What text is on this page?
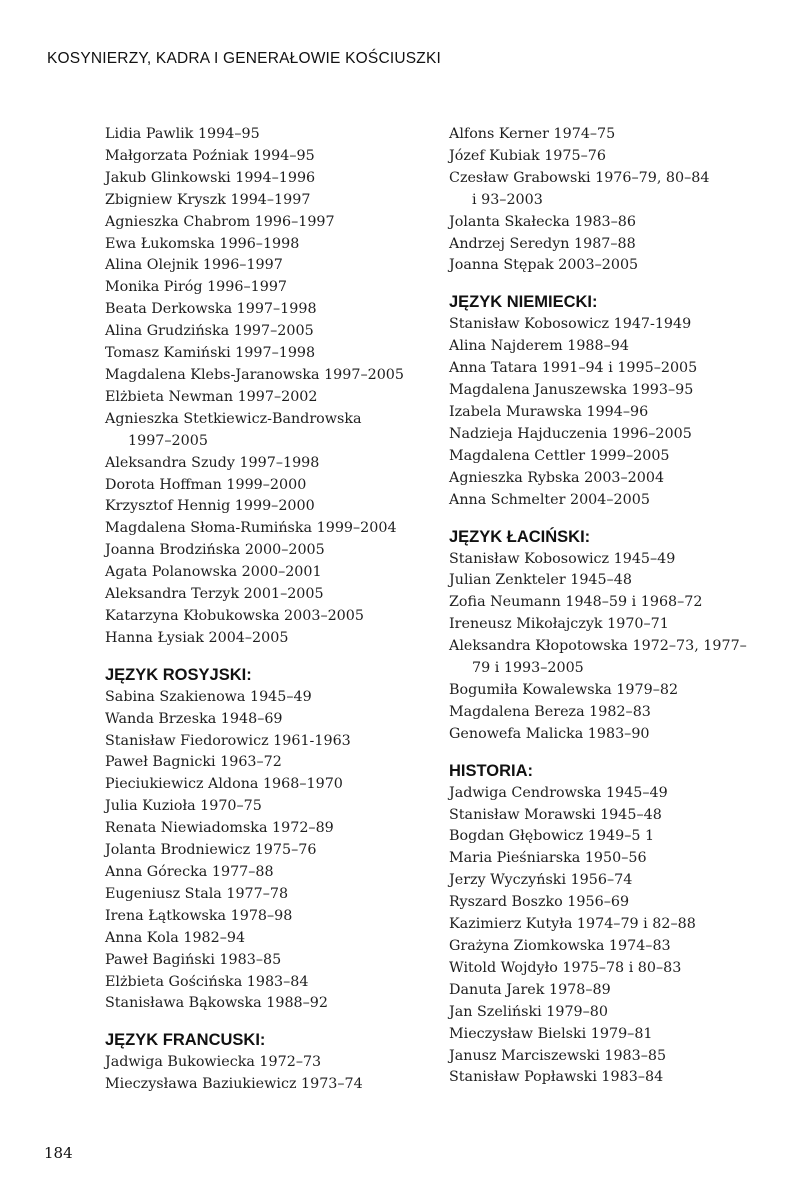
KOSYNIERZY, KADRA I GENERAŁOWIE KOŚCIUSZKI
Lidia Pawlik 1994–95
Małgorzata Poźniak 1994–95
Jakub Glinkowski 1994–1996
Zbigniew Kryszk 1994–1997
Agnieszka Chabrom 1996–1997
Ewa Łukomska 1996–1998
Alina Olejnik 1996–1997
Monika Piróg 1996–1997
Beata Derkowska 1997–1998
Alina Grudzińska 1997–2005
Tomasz Kamiński 1997–1998
Magdalena Klebs-Jaranowska 1997–2005
Elżbieta Newman 1997–2002
Agnieszka Stetkiewicz-Bandrowska
1997–2005
Aleksandra Szudy 1997–1998
Dorota Hoffman 1999–2000
Krzysztof Hennig 1999–2000
Magdalena Słoma-Rumińska 1999–2004
Joanna Brodzińska 2000–2005
Agata Polanowska 2000–2001
Aleksandra Terzyk 2001–2005
Katarzyna Kłobukowska 2003–2005
Hanna Łysiak 2004–2005
JĘZYK ROSYJSKI:
Sabina Szakienowa 1945–49
Wanda Brzeska 1948–69
Stanisław Fiedorowicz 1961-1963
Paweł Bagnicki 1963–72
Pieciukiewicz Aldona 1968–1970
Julia Kuzioła 1970–75
Renata Niewiadomska 1972–89
Jolanta Brodniewicz 1975–76
Anna Górecka 1977–88
Eugeniusz Stala 1977–78
Irena Łątkowska 1978–98
Anna Kola 1982–94
Paweł Bagiński 1983–85
Elżbieta Gościńska 1983–84
Stanisława Bąkowska 1988–92
JĘZYK FRANCUSKI:
Jadwiga Bukowiecka 1972–73
Mieczysława Baziukiewicz 1973–74
Alfons Kerner 1974–75
Józef Kubiak 1975–76
Czesław Grabowski 1976–79, 80–84
i 93–2003
Jolanta Skałecka 1983–86
Andrzej Seredyn 1987–88
Joanna Stępak 2003–2005
JĘZYK NIEMIECKI:
Stanisław Kobosowicz 1947-1949
Alina Najderem 1988–94
Anna Tatara 1991–94 i 1995–2005
Magdalena Januszewska 1993–95
Izabela Murawska 1994–96
Nadzieja Hajduczenia 1996–2005
Magdalena Cettler 1999–2005
Agnieszka Rybska 2003–2004
Anna Schmelter 2004–2005
JĘZYK ŁACIŃSKI:
Stanisław Kobosowicz 1945–49
Julian Zenkteler 1945–48
Zofia Neumann 1948–59 i 1968–72
Ireneusz Mikołajczyk 1970–71
Aleksandra Kłopotowska 1972–73, 1977–
79 i 1993–2005
Bogumiła Kowalewska 1979–82
Magdalena Bereza 1982–83
Genowefa Malicka 1983–90
HISTORIA:
Jadwiga Cendrowska 1945–49
Stanisław Morawski 1945–48
Bogdan Głębowicz 1949–5 1
Maria Pieśniarska 1950–56
Jerzy Wyczyński 1956–74
Ryszard Boszko 1956–69
Kazimierz Kutyła 1974–79 i 82–88
Grażyna Ziomkowska 1974–83
Witold Wojdyło 1975–78 i 80–83
Danuta Jarek 1978–89
Jan Szeliński 1979–80
Mieczysław Bielski 1979–81
Janusz Marciszewski 1983–85
Stanisław Popławski 1983–84
184
